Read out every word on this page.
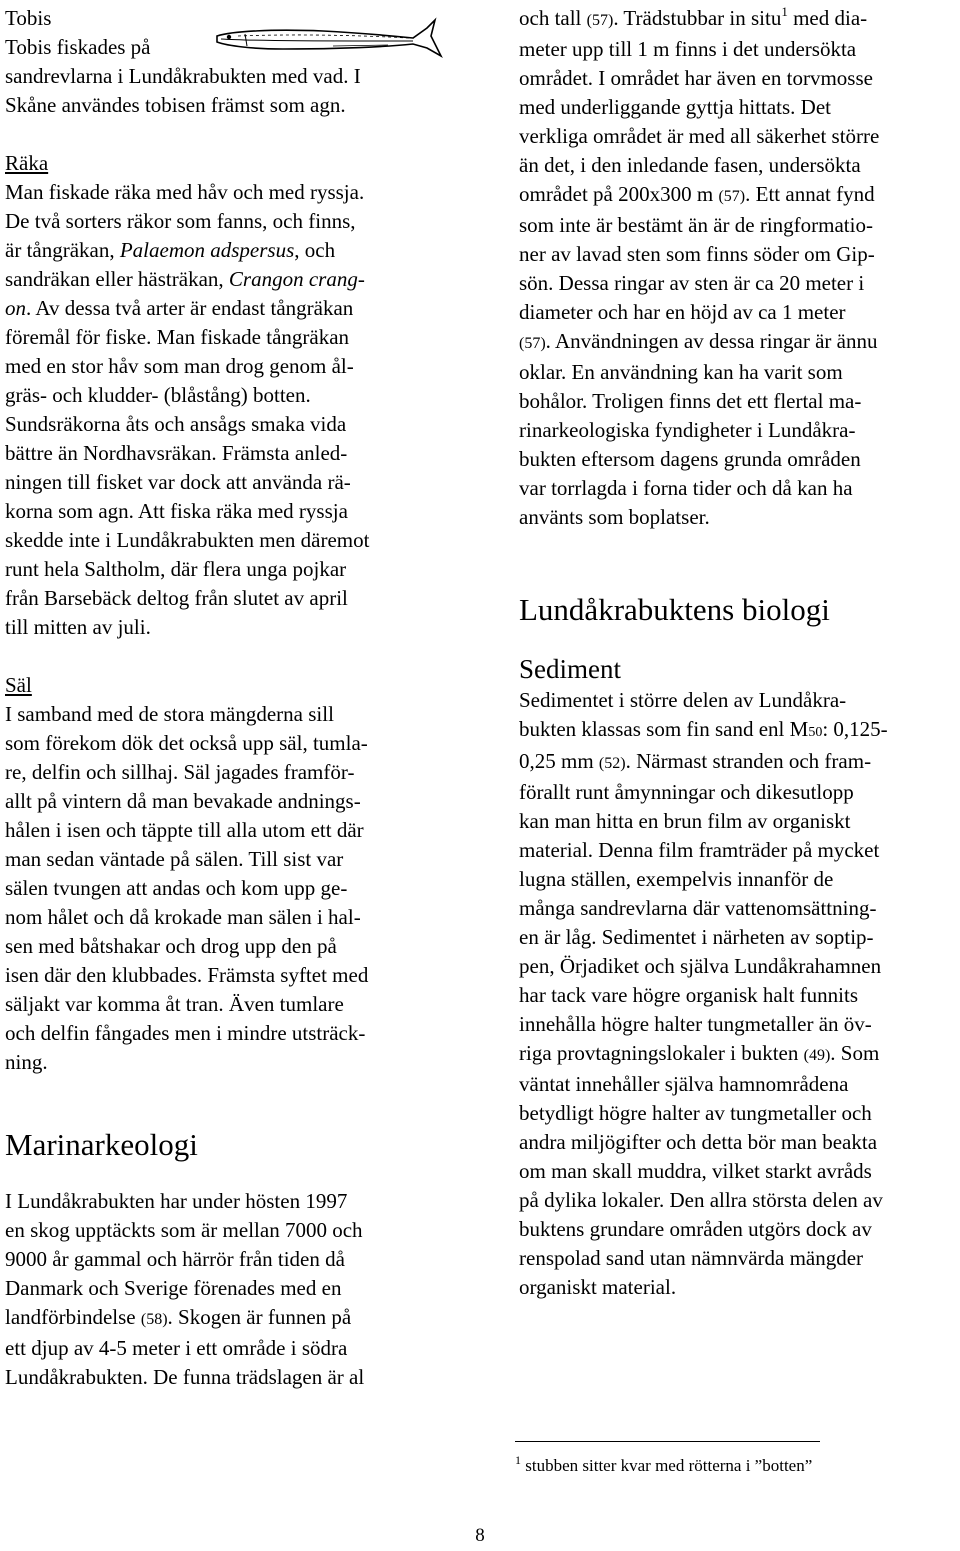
Tobis

Tobis fiskades på

sandrevlarna i Lundåkrabukten med vad. I

Skåne användes tobisen främst som agn.

Räka

Man fiskade räka med håv och med ryssja.

De två sorters räkor som fanns, och finns,

är tångräkan, Palaemon adspersus, och

sandräkan eller hästräkan, Crangon crang-

on. Av dessa två arter är endast tångräkan

föremål för fiske. Man fiskade tångräkan

med en stor håv som man drog genom ål-

gräs- och kludder- (blåstång) botten.

Sundsräkorna åts och ansågs smaka vida

bättre än Nordhavsräkan. Främsta anled-

ningen till fisket var dock att använda rä-

korna som agn. Att fiska räka med ryssja

skedde inte i Lundåkrabukten men däremot

runt hela Saltholm, där flera unga pojkar

från Barsebäck deltog från slutet av april

till mitten av juli.

Säl

I samband med de stora mängderna sill

som förekom dök det också upp säl, tumla-

re, delfin och sillhaj. Säl jagades framför-

allt på vintern då man bevakade andnings-

hålen i isen och täppte till alla utom ett där

man sedan väntade på sälen. Till sist var

sälen tvungen att andas och kom upp ge-

nom hålet och då krokade man sälen i hal-

sen med båtshakar och drog upp den på

isen där den klubbades. Främsta syftet med

säljakt var komma åt tran. Även tumlare

och delfin fångades men i mindre utsträck-

ning.

Marinarkeologi

I Lundåkrabukten har under hösten 1997

en skog upptäckts som är mellan 7000 och

9000 år gammal och härrör från tiden då

Danmark och Sverige förenades med en

landförbindelse (58). Skogen är funnen på

ett djup av 4-5 meter i ett område i södra

Lundåkrabukten. De funna trädslagen är al

och tall (57). Trädstubbar in situ$^1$ med dia-

meter upp till 1 m finns i det undersökta

området. I området har även en torvmosse

med underliggande gyttja hittats. Det

verkliga området är med all säkerhet större

än det, i den inledande fasen, undersökta

området på 200x300 m (57). Ett annat fynd

som inte är bestämt än är de ringformatio-

ner av lavad sten som finns söder om Gip-

sön. Dessa ringar av sten är ca 20 meter i

diameter och har en höjd av ca 1 meter

(57). Användningen av dessa ringar är ännu

oklar. En användning kan ha varit som

bohålor. Troligen finns det ett flertal ma-

rinarkeologiska fyndigheter i Lundåkra-

bukten eftersom dagens grunda områden

var torrlagda i forna tider och då kan ha

använts som boplatser.

Lundåkrabuktens biologi
Sediment

Sedimentet i större delen av Lundåkra-

bukten klassas som fin sand enl M50: 0,125-

0,25 mm (52). Närmast stranden och fram-

förallt runt åmynningar och dikesutlopp

kan man hitta en brun film av organiskt

material. Denna film framträder på mycket

lugna ställen, exempelvis innanför de

många sandrevlarna där vattenomsättning-

en är låg. Sedimentet i närheten av soptip-

pen, Örjadiket och själva Lundåkrahamnen

har tack vare högre organisk halt funnits

innehålla högre halter tungmetaller än öv-

riga provtagningslokaler i bukten (49). Som

väntat innehåller själva hamnområdena

betydligt högre halter av tungmetaller och

andra miljögifter och detta bör man beakta

om man skall muddra, vilket starkt avråds

på dylika lokaler. Den allra största delen av

buktens grundare områden utgörs dock av

renspolad sand utan nämnvärda mängder

organiskt material.

$^1$ stubben sitter kvar med rötterna i ”botten”

8
